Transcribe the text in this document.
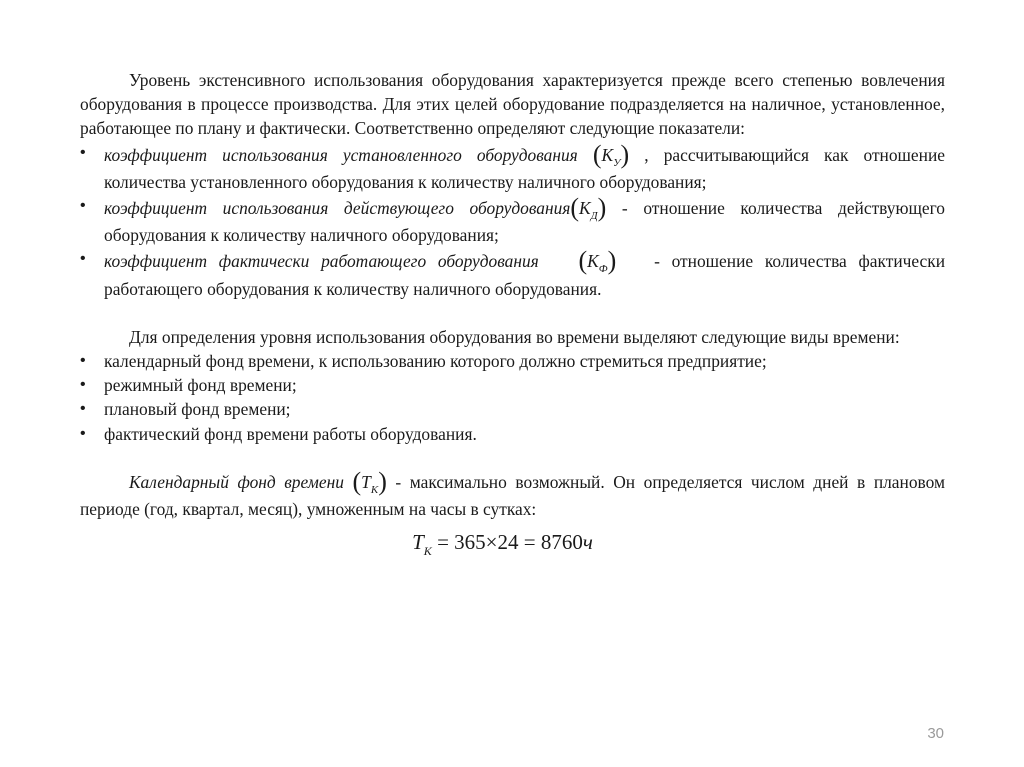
Уровень экстенсивного использования оборудования характеризуется прежде всего степенью вовлечения оборудования в процессе производства. Для этих целей оборудование подразделяется на наличное, установленное, работающее по плану и фактически. Соответственно определяют следующие показатели:

• коэффициент использования установленного оборудования $(K_У)$ , рассчитывающийся как отношение количества установленного оборудования к количеству наличного оборудования;
• коэффициент использования действующего $оборудования(K_Д)$ - отношение количества действующего оборудования к количеству наличного оборудования;
• коэффициент фактически работающего оборудования $(K_Ф)$ - отношение количества фактически работающего оборудования к количеству наличного оборудования.

Для определения уровня использования оборудования во времени выделяют следующие виды времени:

• календарный фонд времени, к использованию которого должно стремиться предприятие;
• режимный фонд времени;
• плановый фонд времени;
• фактический фонд времени работы оборудования.

Календарный фонд времени $(T_K)$ - максимально возможный. Он определяется числом дней в плановом периоде (год, квартал, месяц), умноженным на часы в сутках:

$T_K = 365\times 24 = 8760ч$
30
